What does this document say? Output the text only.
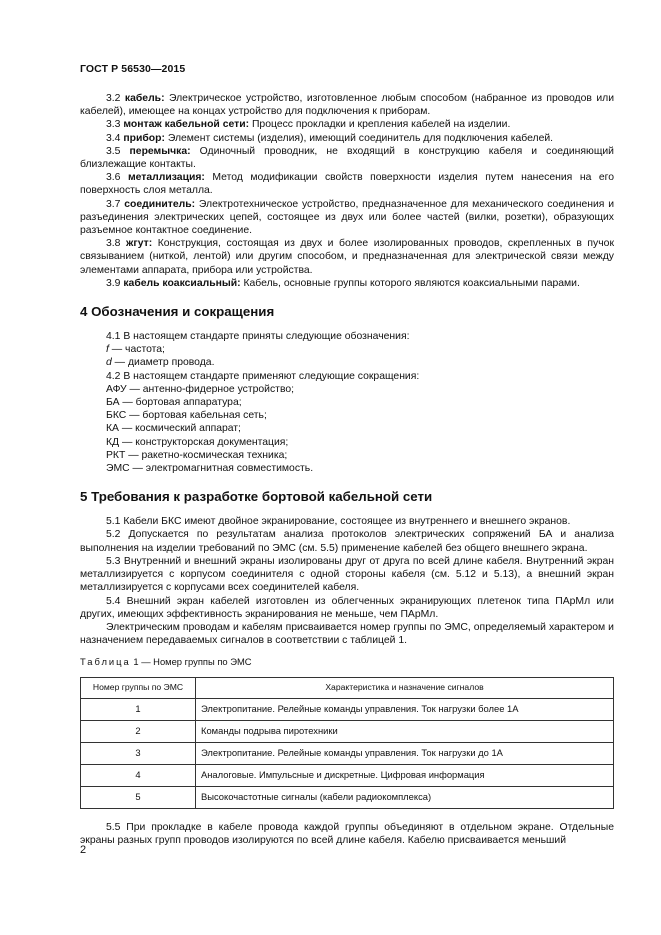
ГОСТ Р 56530—2015

3.2 кабель: Электрическое устройство, изготовленное любым способом (набранное из проводов или кабелей), имеющее на концах устройство для подключения к приборам.

3.3 монтаж кабельной сети: Процесс прокладки и крепления кабелей на изделии.

3.4 прибор: Элемент системы (изделия), имеющий соединитель для подключения кабелей.

3.5 перемычка: Одиночный проводник, не входящий в конструкцию кабеля и соединяющий близлежащие контакты.

3.6 металлизация: Метод модификации свойств поверхности изделия путем нанесения на его поверхность слоя металла.

3.7 соединитель: Электротехническое устройство, предназначенное для механического соединения и разъединения электрических цепей, состоящее из двух или более частей (вилки, розетки), образующих разъемное контактное соединение.

3.8 жгут: Конструкция, состоящая из двух и более изолированных проводов, скрепленных в пучок связыванием (ниткой, лентой) или другим способом, и предназначенная для электрической связи между элементами аппарата, прибора или устройства.

3.9 кабель коаксиальный: Кабель, основные группы которого являются коаксиальными парами.

4 Обозначения и сокращения

4.1 В настоящем стандарте приняты следующие обозначения:

f — частота;

d — диаметр провода.

4.2 В настоящем стандарте применяют следующие сокращения:

АФУ — антенно-фидерное устройство;

БА — бортовая аппаратура;

БКС — бортовая кабельная сеть;

КА — космический аппарат;

КД — конструкторская документация;

РКТ — ракетно-космическая техника;

ЭМС — электромагнитная совместимость.

5 Требования к разработке бортовой кабельной сети

5.1 Кабели БКС имеют двойное экранирование, состоящее из внутреннего и внешнего экранов.

5.2 Допускается по результатам анализа протоколов электрических сопряжений БА и анализа выполнения на изделии требований по ЭМС (см. 5.5) применение кабелей без общего внешнего экрана.

5.3 Внутренний и внешний экраны изолированы друг от друга по всей длине кабеля. Внутренний экран металлизируется с корпусом соединителя с одной стороны кабеля (см. 5.12 и 5.13), а внешний экран металлизируется с корпусами всех соединителей кабеля.

5.4 Внешний экран кабелей изготовлен из облегченных экранирующих плетенок типа ПАрМл или других, имеющих эффективность экранирования не меньше, чем ПАрМл.

Электрическим проводам и кабелям присваивается номер группы по ЭМС, определяемый характером и назначением передаваемых сигналов в соответствии с таблицей 1.

Таблица 1 — Номер группы по ЭМС
Номер группы по ЭМС	Характеристика и назначение сигналов
1	Электропитание. Релейные команды управления. Ток нагрузки более 1А
2	Команды подрыва пиротехники
3	Электропитание. Релейные команды управления. Ток нагрузки до 1А
4	Аналоговые. Импульсные и дискретные. Цифровая информация
5	Высокочастотные сигналы (кабели радиокомплекса)

5.5 При прокладке в кабеле провода каждой группы объединяют в отдельном экране. Отдельные экраны разных групп проводов изолируются по всей длине кабеля. Кабелю присваивается меньший

2
